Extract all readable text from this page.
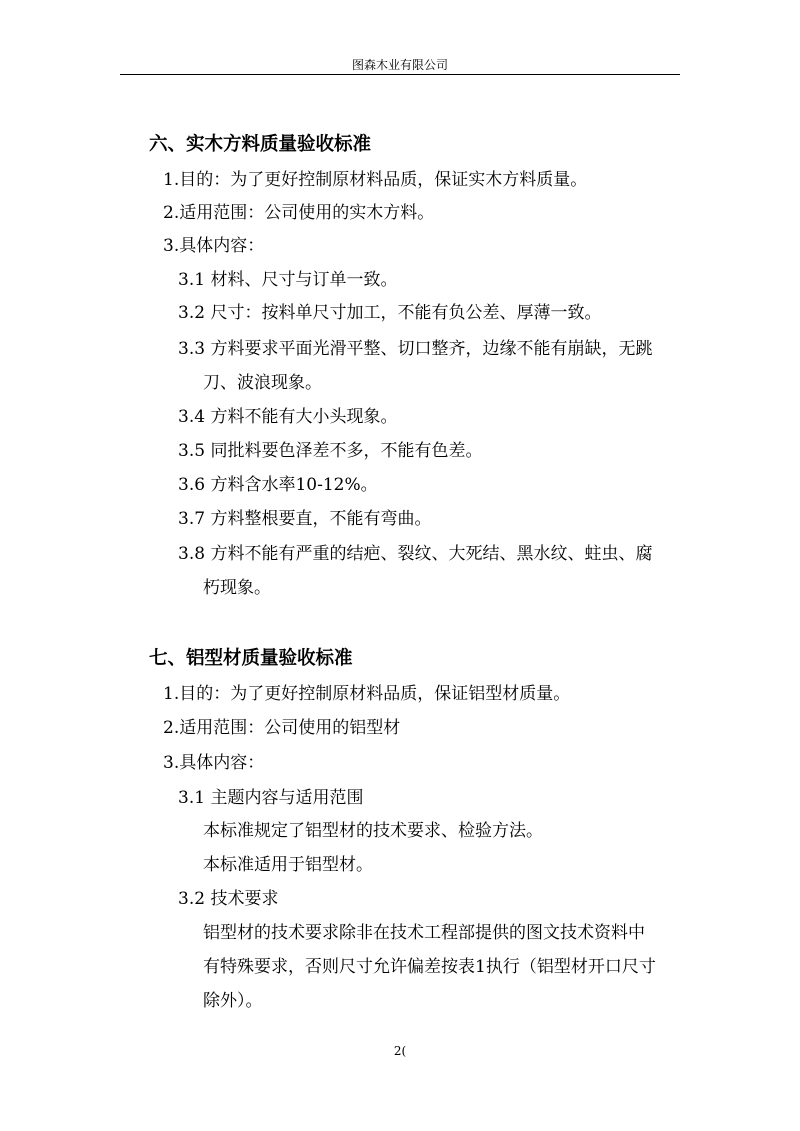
图森木业有限公司
六、实木方料质量验收标准
1.目的：为了更好控制原材料品质，保证实木方料质量。
2.适用范围：公司使用的实木方料。
3.具体内容：
3.1 材料、尺寸与订单一致。
3.2 尺寸：按料单尺寸加工，不能有负公差、厚薄一致。
3.3 方料要求平面光滑平整、切口整齐，边缘不能有崩缺，无跳
刀、波浪现象。
3.4 方料不能有大小头现象。
3.5 同批料要色泽差不多，不能有色差。
3.6 方料含水率10-12%。
3.7 方料整根要直，不能有弯曲。
3.8 方料不能有严重的结疤、裂纹、大死结、黑水纹、蛀虫、腐
朽现象。
七、铝型材质量验收标准
1.目的：为了更好控制原材料品质，保证铝型材质量。
2.适用范围：公司使用的铝型材
3.具体内容：
3.1 主题内容与适用范围
本标准规定了铝型材的技术要求、检验方法。
本标准适用于铝型材。
3.2 技术要求
铝型材的技术要求除非在技术工程部提供的图文技术资料中
有特殊要求，否则尺寸允许偏差按表1执行（铝型材开口尺寸
除外）。
2(
